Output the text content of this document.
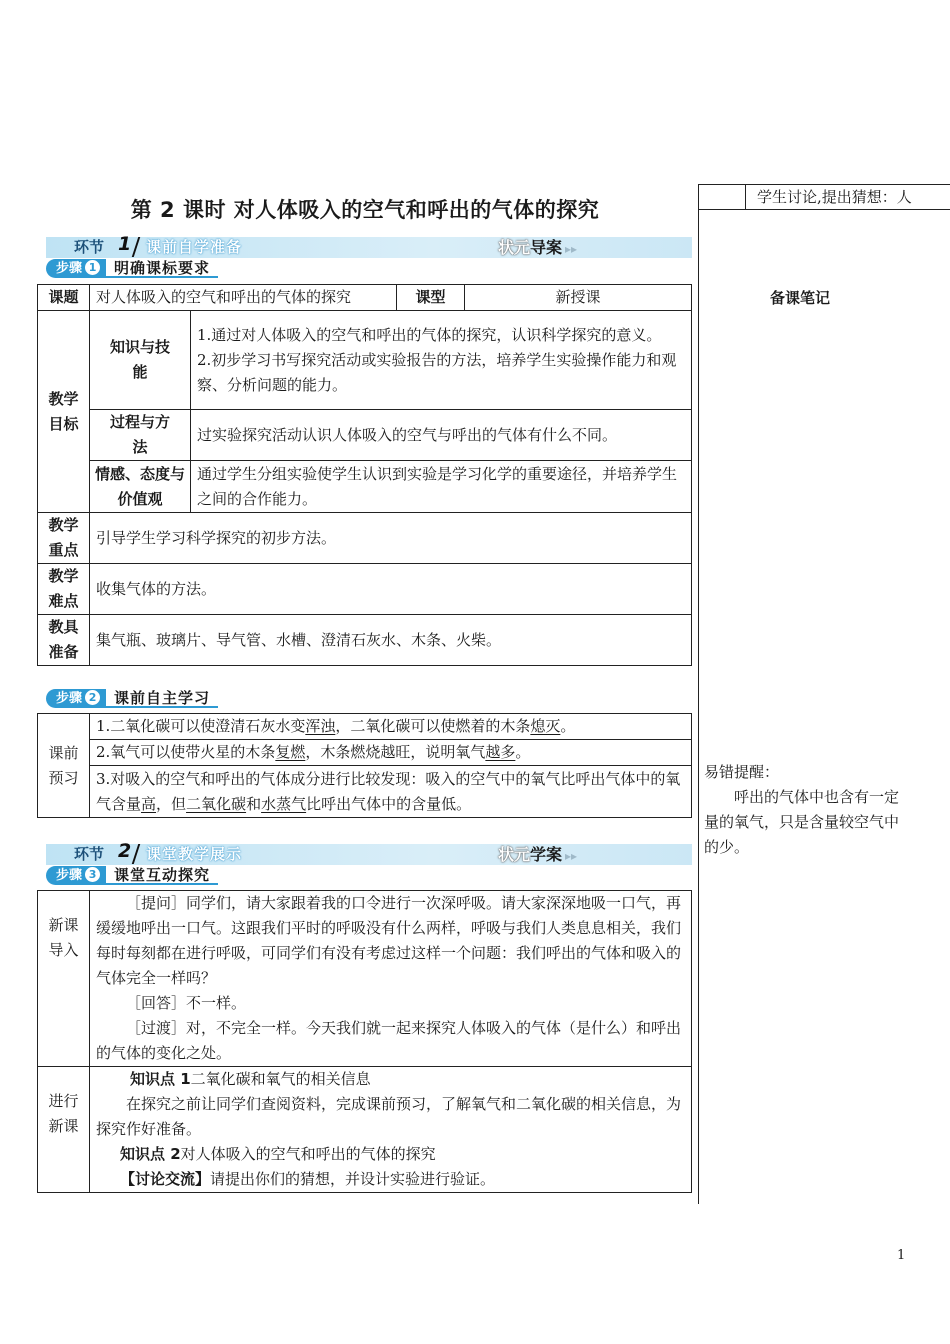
第 2 课时 对人体吸入的空气和呼出的气体的探究
环节 1 课前自学准备	状元导案 ▸▸
步骤 1 明确课标要求
课题	对人体吸入的空气和呼出的气体的探究		课型	新授课
教学目标	知识与技能	1.通过对人体吸入的空气和呼出的气体的探究，认识科学探究的意义。
2.初步学习书写探究活动或实验报告的方法，培养学生实验操作能力和观察、分析问题的能力。		

	过程与方法	过实验探究活动认识人体吸入的空气与呼出的气体有什么不同。		
	情感、态度与价值观	通过学生分组实验使学生认识到实验是学习化学的重要途径，并培养学生之间的合作能力。		
教学重点	引导学生学习科学探究的初步方法。			
教学难点	收集气体的方法。			
教具准备	集气瓶、玻璃片、导气管、水槽、澄清石灰水、木条、火柴。			
步骤 2 课前自主学习
课前预习	1.二氧化碳可以使澄清石灰水变浑浊，二氧化碳可以使燃着的木条熄灭。
2.氧气可以使带火星的木条复燃，木条燃烧越旺，说明氧气越多。
3.对吸入的空气和呼出的气体成分进行比较发现：吸入的空气中的氧气比呼出气体中的氧气含量高，但二氧化碳和水蒸气比呼出气体中的含量低。
环节 2 课堂教学展示	状元学案 ▸▸
步骤 3 课堂互动探究
新课导入	［提问］同学们，请大家跟着我的口令进行一次深呼吸。请大家深深地吸一口气，再缓缓地呼出一口气。这跟我们平时的呼吸没有什么两样，呼吸与我们人类息息相关，我们每时每刻都在进行呼吸，可同学们有没有考虑过这样一个问题：我们呼出的气体和吸入的气体完全一样吗？
［回答］不一样。
［过渡］对，不完全一样。今天我们就一起来探究人体吸入的气体（是什么）和呼出的气体的变化之处。

进行新课	知识点 1二氧化碳和氧气的相关信息
在探究之前让同学们查阅资料，完成课前预习，了解氧气和二氧化碳的相关信息，为探究作好准备。
知识点 2对人体吸入的空气和呼出的气体的探究
【讨论交流】请提出你们的猜想，并设计实验进行验证。
学生讨论,提出猜想：人
备课笔记
易错提醒：
呼出的气体中也含有一定量的氧气，只是含量较空气中的少。
1
